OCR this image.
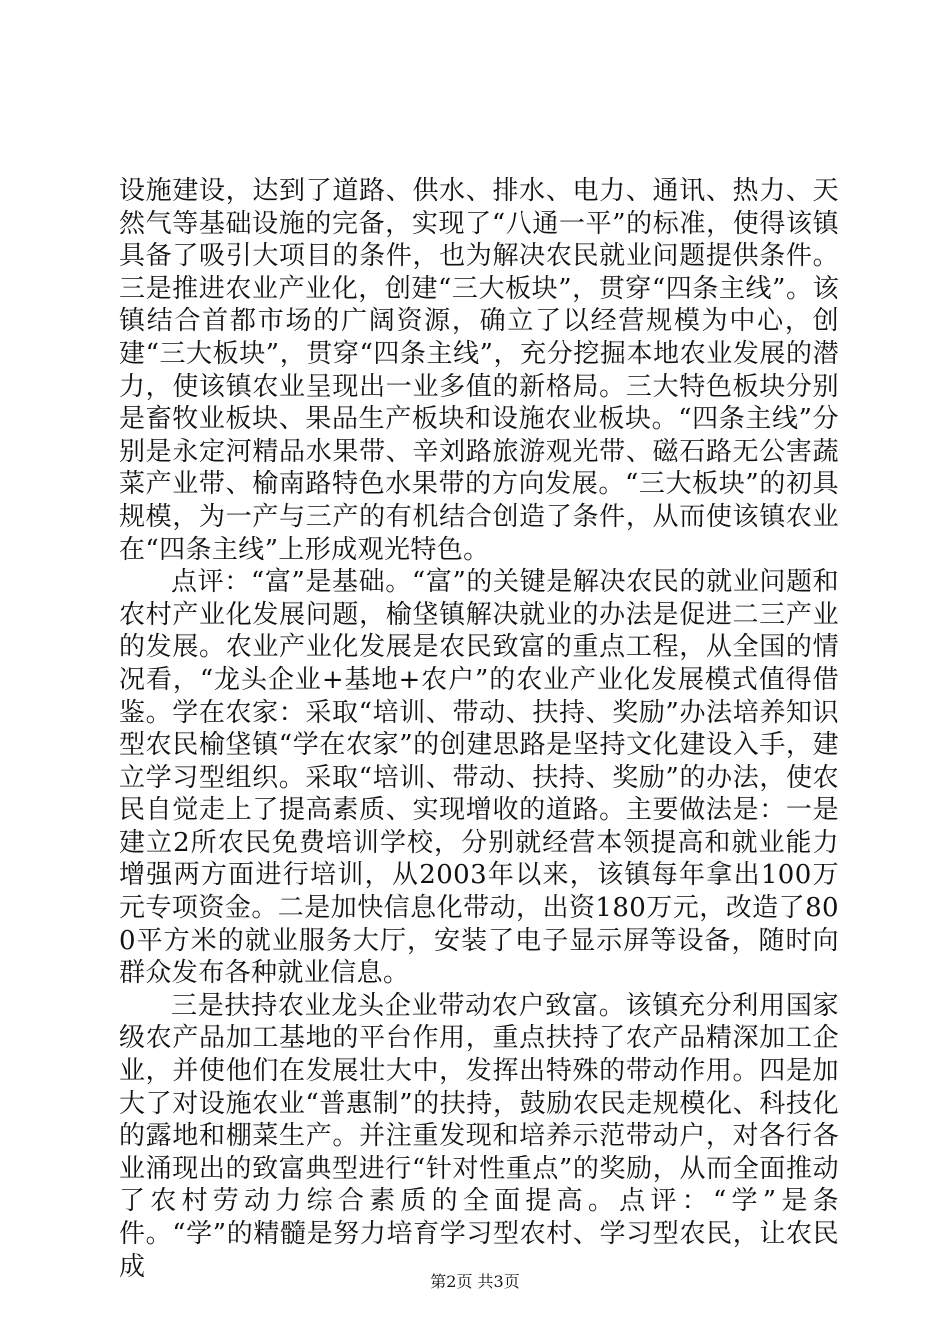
设施建设，达到了道路、供水、排水、电力、通讯、热力、天然气等基础设施的完备，实现了“八通一平”的标准，使得该镇具备了吸引大项目的条件，也为解决农民就业问题提供条件。三是推进农业产业化，创建“三大板块”，贯穿“四条主线”。该镇结合首都市场的广阔资源，确立了以经营规模为中心，创建“三大板块”，贯穿“四条主线”，充分挖掘本地农业发展的潜力，使该镇农业呈现出一业多值的新格局。三大特色板块分别是畜牧业板块、果品生产板块和设施农业板块。“四条主线”分别是永定河精品水果带、辛刘路旅游观光带、磁石路无公害蔬菜产业带、榆南路特色水果带的方向发展。“三大板块”的初具规模，为一产与三产的有机结合创造了条件，从而使该镇农业在“四条主线”上形成观光特色。

点评：“富”是基础。“富”的关键是解决农民的就业问题和农村产业化发展问题，榆垡镇解决就业的办法是促进二三产业的发展。农业产业化发展是农民致富的重点工程，从全国的情况看，“龙头企业+基地+农户”的农业产业化发展模式值得借鉴。学在农家：采取“培训、带动、扶持、奖励”办法培养知识型农民榆垡镇“学在农家”的创建思路是坚持文化建设入手，建立学习型组织。采取“培训、带动、扶持、奖励”的办法，使农民自觉走上了提高素质、实现增收的道路。主要做法是：一是建立2所农民免费培训学校，分别就经营本领提高和就业能力增强两方面进行培训，从2003年以来，该镇每年拿出100万元专项资金。二是加快信息化带动，出资180万元，改造了800平方米的就业服务大厅，安装了电子显示屏等设备，随时向群众发布各种就业信息。

三是扶持农业龙头企业带动农户致富。该镇充分利用国家级农产品加工基地的平台作用，重点扶持了农产品精深加工企业，并使他们在发展壮大中，发挥出特殊的带动作用。四是加大了对设施农业“普惠制”的扶持，鼓励农民走规模化、科技化的露地和棚菜生产。并注重发现和培养示范带动户，对各行各业涌现出的致富典型进行“针对性重点”的奖励，从而全面推动了农村劳动力综合素质的全面提高。点评：“学”是条件。“学”的精髓是努力培育学习型农村、学习型农民，让农民成	第2页 共3页
